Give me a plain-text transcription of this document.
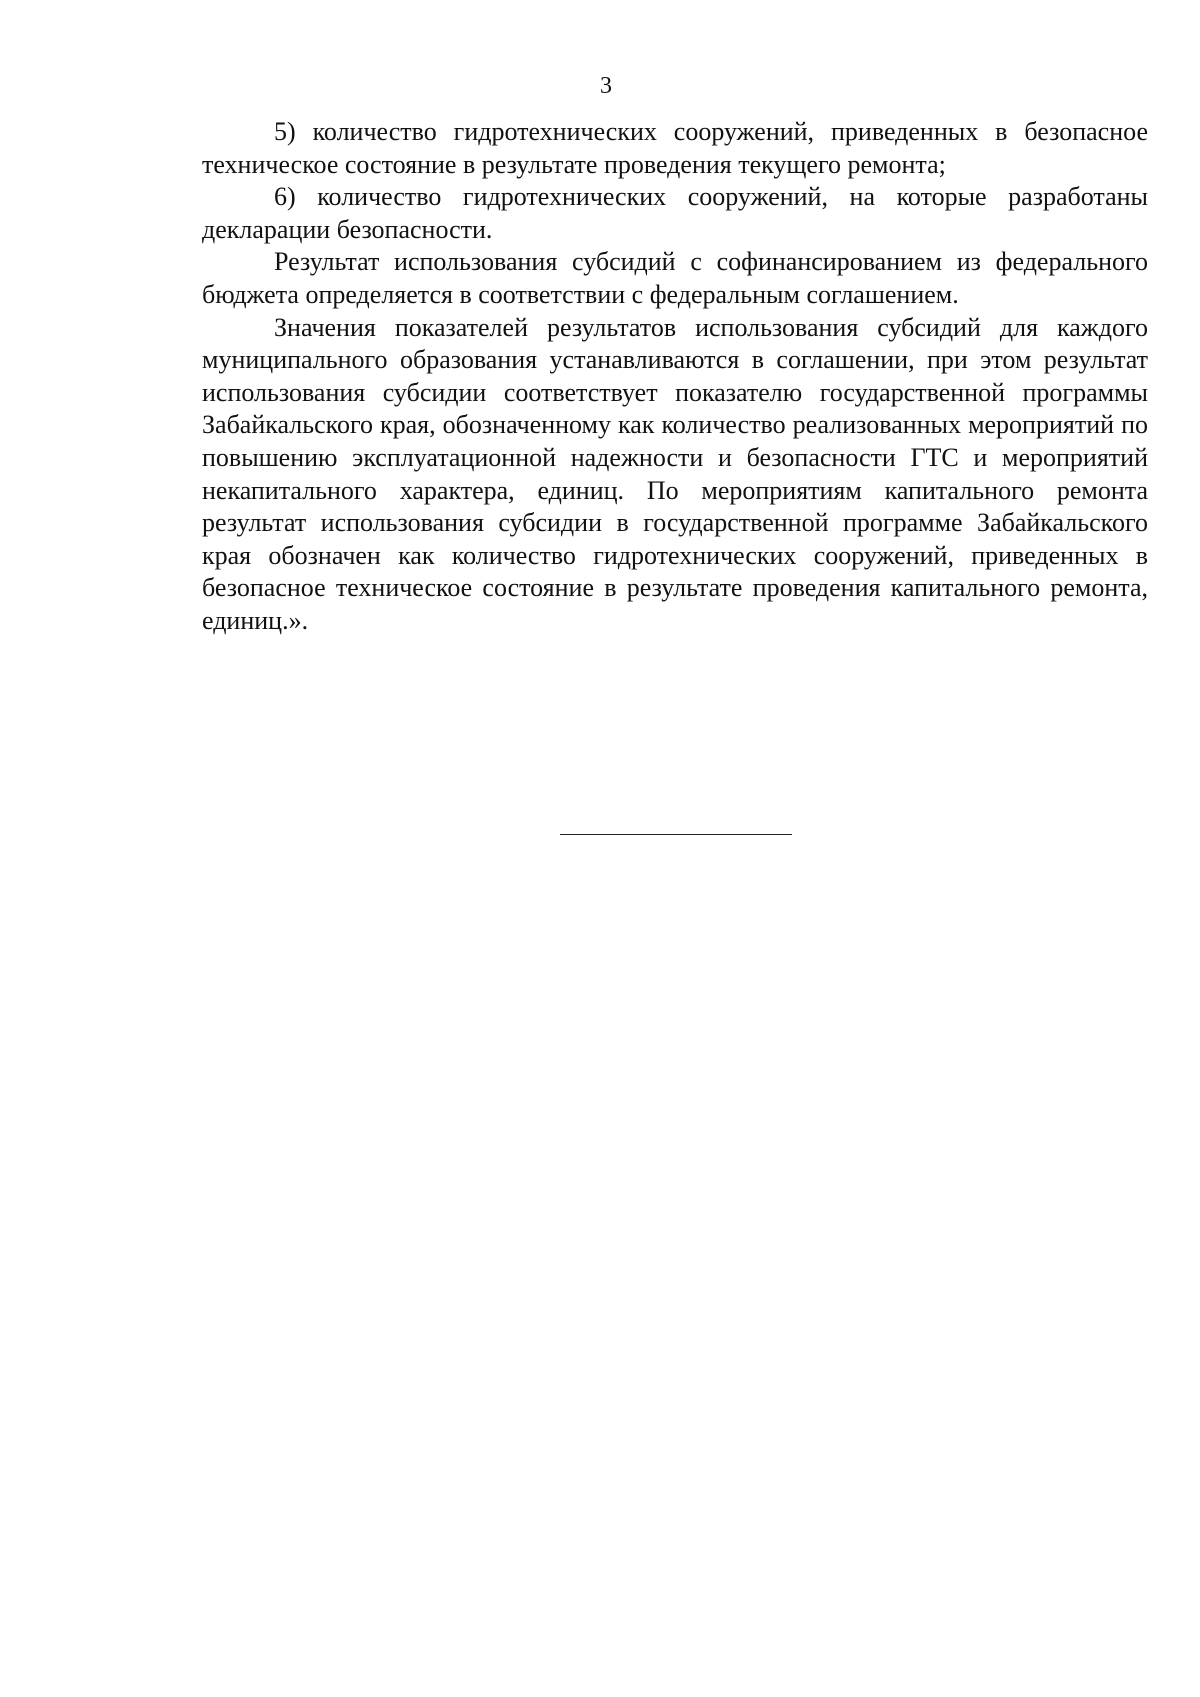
3

5) количество гидротехнических сооружений, приведенных в безопасное техническое состояние в результате проведения текущего ремонта;

6) количество гидротехнических сооружений, на которые разработаны декларации безопасности.

Результат использования субсидий с софинансированием из федерального бюджета определяется в соответствии с федеральным соглашением.

Значения показателей результатов использования субсидий для каждого муниципального образования устанавливаются в соглашении, при этом результат использования субсидии соответствует показателю государственной программы Забайкальского края, обозначенному как количество реализованных мероприятий по повышению эксплуатационной надежности и безопасности ГТС и мероприятий некапитального характера, единиц. По мероприятиям капитального ремонта результат использования субсидии в государственной программе Забайкальского края обозначен как количество гидротехнических сооружений, приведенных в безопасное техническое состояние в результате проведения капитального ремонта, единиц.».
